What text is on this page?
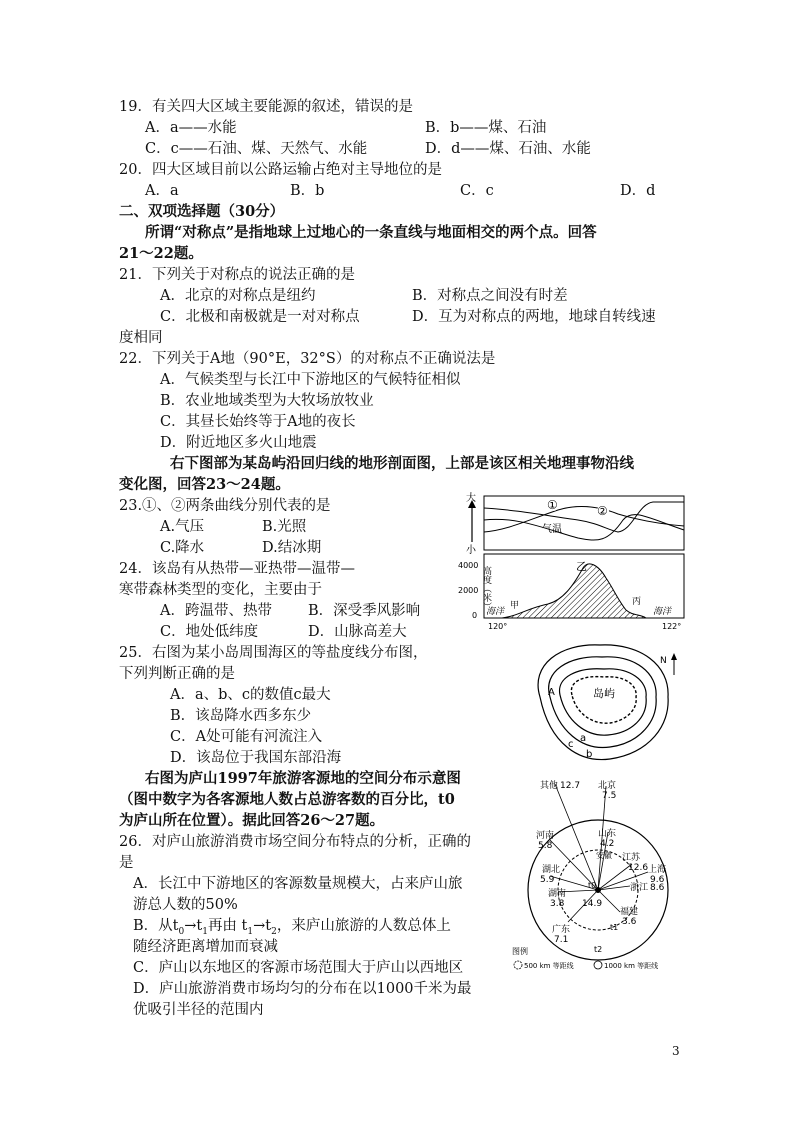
19．有关四大区域主要能源的叙述，错误的是
A．a——水能	B．b——煤、石油
C．c——石油、煤、天然气、水能	D．d——煤、石油、水能
20．四大区域目前以公路运输占绝对主导地位的是
A．a	B．b	C．c	D．d
二、双项选择题（30分）
所谓“对称点”是指地球上过地心的一条直线与地面相交的两个点。回答
21～22题。
21．下列关于对称点的说法正确的是
A．北京的对称点是纽约	B．对称点之间没有时差
C．北极和南极就是一对对称点	D．互为对称点的两地，地球自转线速
度相同
22．下列关于A地（90°E，32°S）的对称点不正确说法是
A．气候类型与长江中下游地区的气候特征相似
B．农业地域类型为大牧场放牧业
C．其昼长始终等于A地的夜长
D．附近地区多火山地震
右下图部为某岛屿沿回归线的地形剖面图，上部是该区相关地理事物沿线
变化图，回答23～24题。
23.①、②两条曲线分别代表的是
A.气压	B.光照
C.降水	D.结冰期
24．该岛有从热带—亚热带—温带—
寒带森林类型的变化，主要由于
A．跨温带、热带 B．深受季风影响
C．地处低纬度	D．山脉高差大
25．右图为某小岛周围海区的等盐度线分布图，
下列判断正确的是
A．a、b、c的数值c最大
B．该岛降水西多东少
C．A处可能有河流注入
D．该岛位于我国东部沿海
右图为庐山1997年旅游客源地的空间分布示意图
（图中数字为各客源地人数占总游客数的百分比，t0
为庐山所在位置）。据此回答26～27题。
26．对庐山旅游消费市场空间分布特点的分析，正确的
是
A．长江中下游地区的客源数量规模大，占来庐山旅
游总人数的50%
B．从$t_0\to t_1$再由 $t_1\to t_2$，来庐山旅游的人数总体上
随经济距离增加而衰减
C．庐山以东地区的客源市场范围大于庐山以西地区
D．庐山旅游消费市场均匀的分布在以1000千米为最
优吸引半径的范围内
大
小
①	②
气温
高度（米）
4000
2000
0 海洋
甲
乙
丙
海洋
120°	122°
岛屿
A
a
b
c
N
其他 12.7 北京
7.5
山东
4.2
河南
5.8
安徽 江苏
12.6 上海
9.6
湖北
5.9
浙江 8.6
湖南
3.8 14.9
广东
7.1
福建
3.6
t0
t1
t2
图例
500 km 等距线	1000 km 等距线
3
